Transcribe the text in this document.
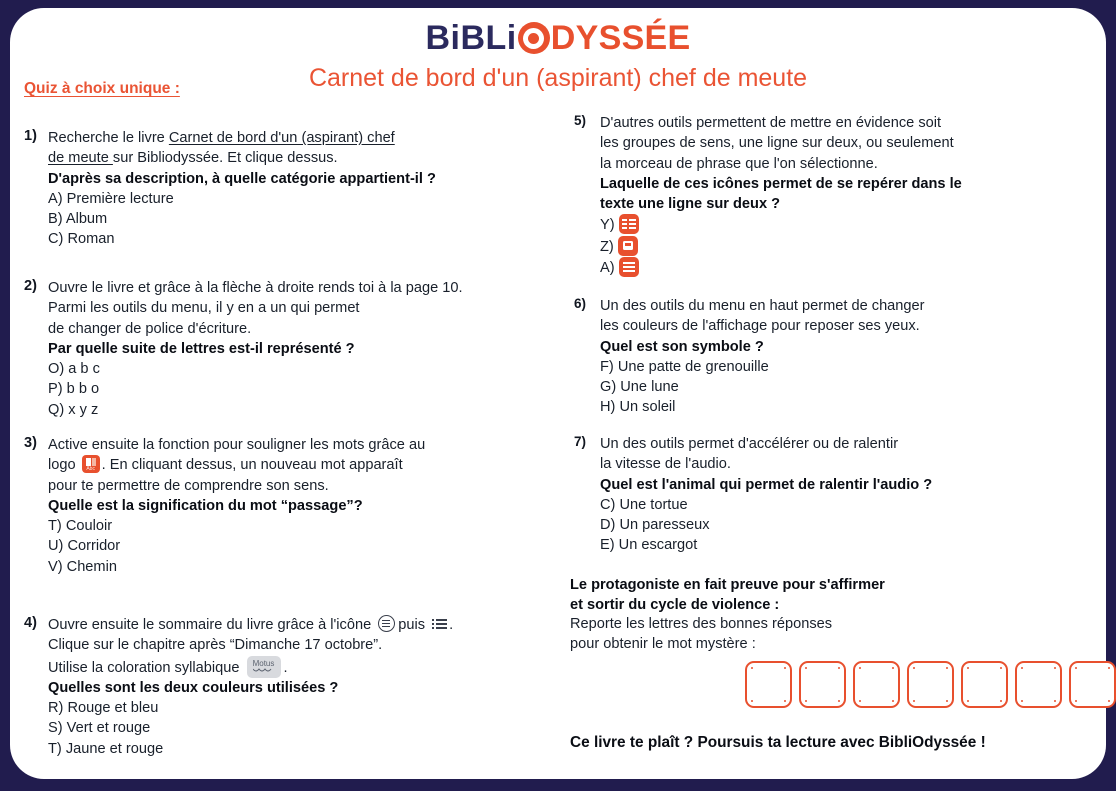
BiBLi DYSSÉE
Carnet de bord d'un (aspirant) chef de meute
Quiz à choix unique :
1) Recherche le livre Carnet de bord d'un (aspirant) chef
de meute sur Bibliodyssée. Et clique dessus.
D'après sa description, à quelle catégorie appartient-il ?
A) Première lecture
B) Album
C) Roman
2) Ouvre le livre et grâce à la flèche à droite rends toi à la page 10.
Parmi les outils du menu, il y en a un qui permet
de changer de police d'écriture.
Par quelle suite de lettres est-il représenté ?
O) a b c
P) b b o
Q) x y z
3) Active ensuite la fonction pour souligner les mots grâce au
logo	Abc . En cliquant dessus, un nouveau mot apparaît
pour te permettre de comprendre son sens.
Quelle est la signification du mot “passage”?
T) Couloir
U) Corridor
V) Chemin
4) Ouvre ensuite le sommaire du livre grâce à l'icône puis .
Clique sur le chapitre après “Dimanche 17 octobre”.
Utilise la coloration syllabique	Motus .
Quelles sont les deux couleurs utilisées ?
R) Rouge et bleu
S) Vert et rouge
T) Jaune et rouge
5) D'autres outils permettent de mettre en évidence soit
les groupes de sens, une ligne sur deux, ou seulement
la morceau de phrase que l'on sélectionne.
Laquelle de ces icônes permet de se repérer dans le
texte une ligne sur deux ?
Y)
Z)
A)
6) Un des outils du menu en haut permet de changer
les couleurs de l'affichage pour reposer ses yeux.
Quel est son symbole ?
F) Une patte de grenouille
G) Une lune
H) Un soleil
7) Un des outils permet d'accélérer ou de ralentir
la vitesse de l'audio.
Quel est l'animal qui permet de ralentir l'audio ?
C) Une tortue
D) Un paresseux
E) Un escargot
Le protagoniste en fait preuve pour s'affirmer
et sortir du cycle de violence :
Reporte les lettres des bonnes réponses
pour obtenir le mot mystère :
Ce livre te plaît ? Poursuis ta lecture avec BibliOdyssée !
